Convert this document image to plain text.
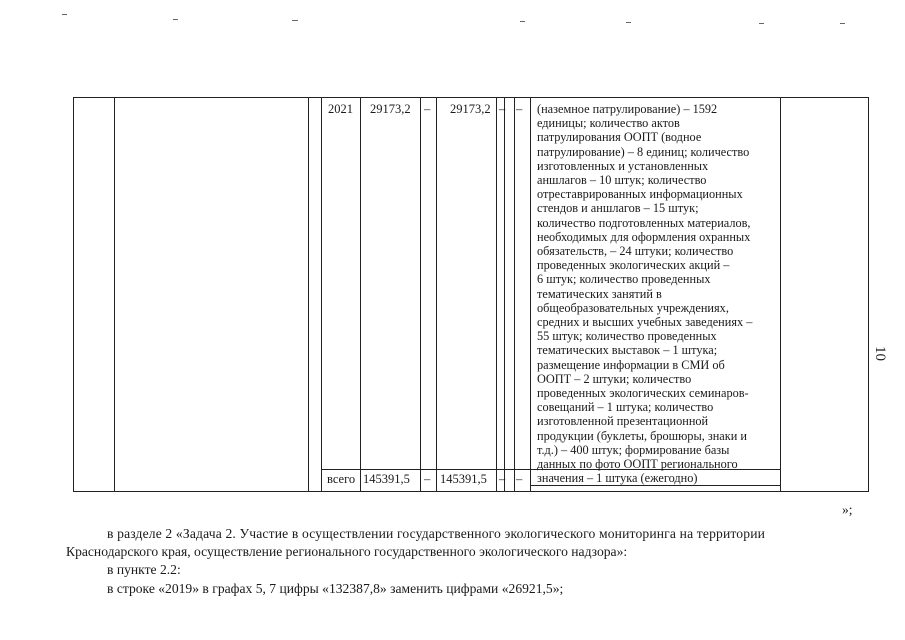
2021 29173,2 – 29173,2 – – (наземное патрулирование) – 1592
единицы; количество актов
патрулирования ООПТ (водное
патрулирование) – 8 единиц; количество
изготовленных и установленных
аншлагов – 10 штук; количество
отреставрированных информационных
стендов и аншлагов – 15 штук;
количество подготовленных материалов,
необходимых для оформления охранных
обязательств, – 24 штуки; количество
проведенных экологических акций –
6 штук; количество проведенных
тематических занятий в
общеобразовательных учреждениях,
средних и высших учебных заведениях –
55 штук; количество проведенных
тематических выставок – 1 штука;
размещение информации в СМИ об
ООПТ – 2 штуки; количество
проведенных экологических семинаров-
совещаний – 1 штука; количество
изготовленной презентационной
продукции (буклеты, брошюры, знаки и
т.д.) – 400 штук; формирование базы
данных по фото ООПТ регионального
значения – 1 штука (ежегодно)
всего 145391,5 – 145391,5 – –
10
»;
в разделе 2 «Задача 2. Участие в осуществлении государственного экологического мониторинга на территории
Краснодарского края, осуществление регионального государственного экологического надзора»:
в пункте 2.2:
в строке «2019» в графах 5, 7 цифры «132387,8» заменить цифрами «26921,5»;
